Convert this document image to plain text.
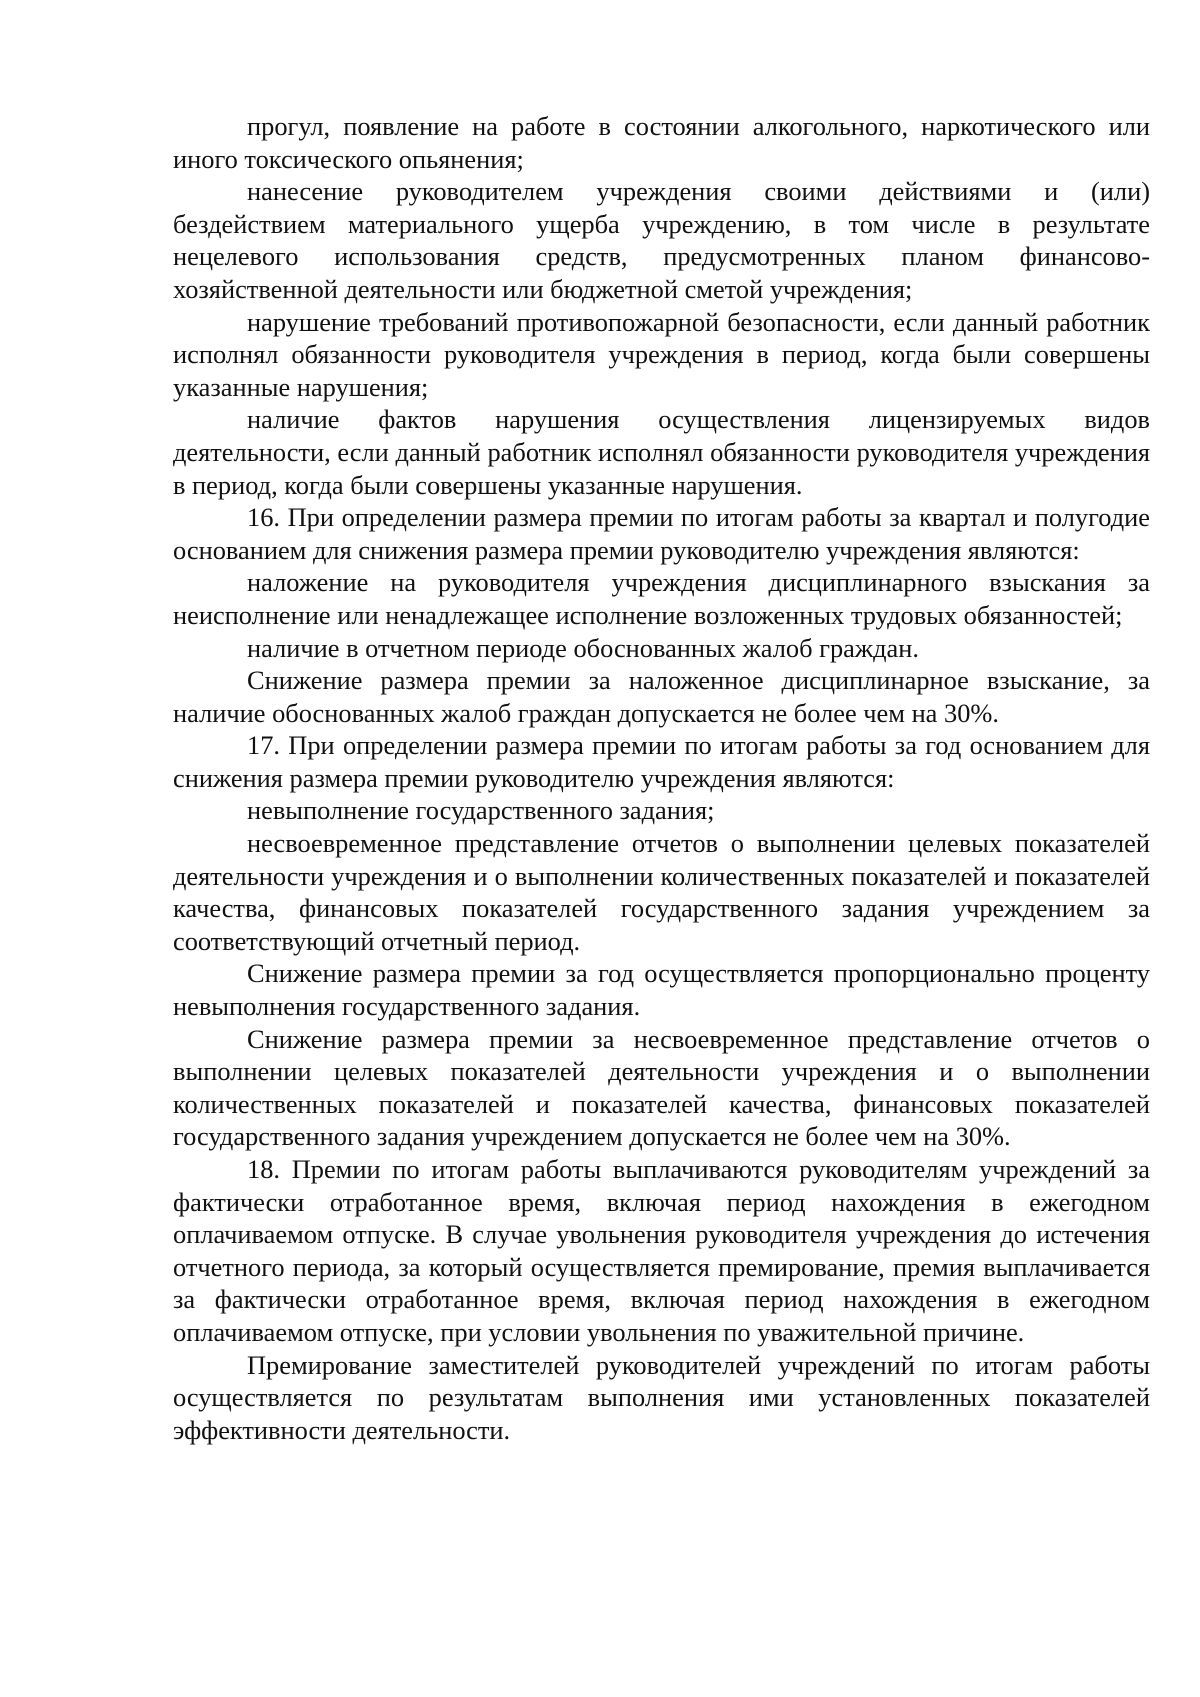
прогул, появление на работе в состоянии алкогольного, наркотического или иного токсического опьянения;

нанесение руководителем учреждения своими действиями и (или) бездействием материального ущерба учреждению, в том числе в результате нецелевого использования средств, предусмотренных планом финансово-хозяйственной деятельности или бюджетной сметой учреждения;

нарушение требований противопожарной безопасности, если данный работник исполнял обязанности руководителя учреждения в период, когда были совершены указанные нарушения;

наличие фактов нарушения осуществления лицензируемых видов деятельности, если данный работник исполнял обязанности руководителя учреждения в период, когда были совершены указанные нарушения.

16. При определении размера премии по итогам работы за квартал и полугодие основанием для снижения размера премии руководителю учреждения являются:

наложение на руководителя учреждения дисциплинарного взыскания за неисполнение или ненадлежащее исполнение возложенных трудовых обязанностей;

наличие в отчетном периоде обоснованных жалоб граждан.

Снижение размера премии за наложенное дисциплинарное взыскание, за наличие обоснованных жалоб граждан допускается не более чем на 30%.

17. При определении размера премии по итогам работы за год основанием для снижения размера премии руководителю учреждения являются:

невыполнение государственного задания;

несвоевременное представление отчетов о выполнении целевых показателей деятельности учреждения и о выполнении количественных показателей и показателей качества, финансовых показателей государственного задания учреждением за соответствующий отчетный период.

Снижение размера премии за год осуществляется пропорционально проценту невыполнения государственного задания.

Снижение размера премии за несвоевременное представление отчетов о выполнении целевых показателей деятельности учреждения и о выполнении количественных показателей и показателей качества, финансовых показателей государственного задания учреждением допускается не более чем на 30%.

18. Премии по итогам работы выплачиваются руководителям учреждений за фактически отработанное время, включая период нахождения в ежегодном оплачиваемом отпуске. В случае увольнения руководителя учреждения до истечения отчетного периода, за который осуществляется премирование, премия выплачивается за фактически отработанное время, включая период нахождения в ежегодном оплачиваемом отпуске, при условии увольнения по уважительной причине.

Премирование заместителей руководителей учреждений по итогам работы осуществляется по результатам выполнения ими установленных показателей эффективности деятельности.
